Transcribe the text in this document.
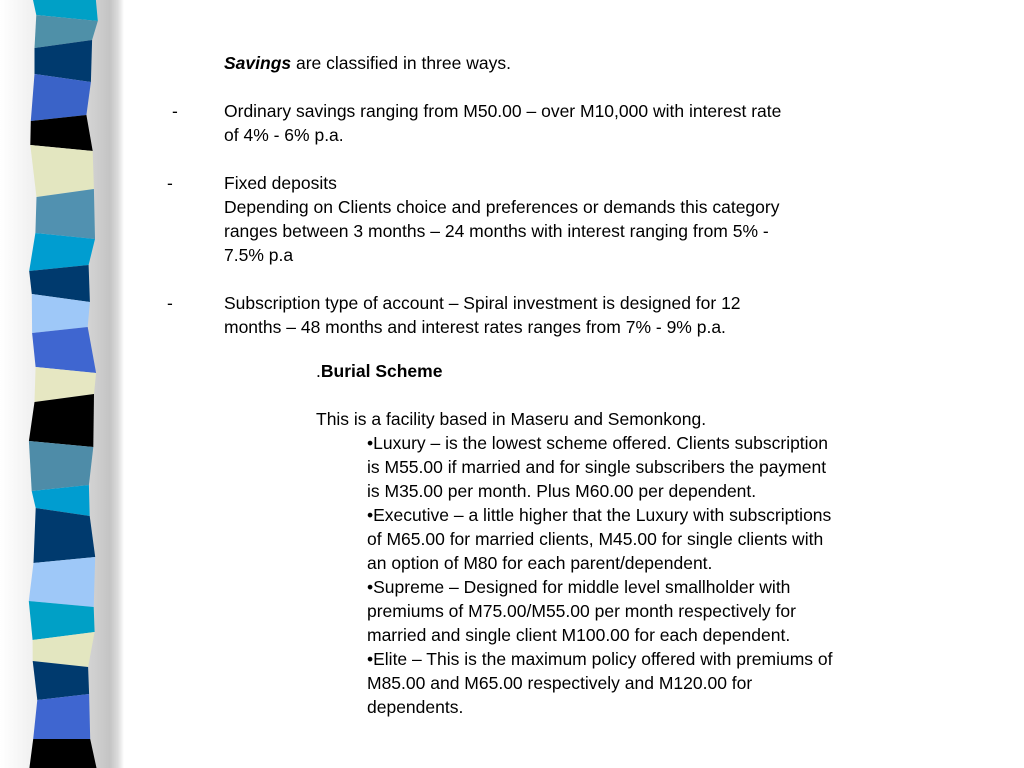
Savings are classified in three ways.
-	Ordinary savings ranging from M50.00 – over M10,000 with interest rate
of 4% - 6% p.a.
-	Fixed deposits
Depending on Clients choice and preferences or demands this category
ranges between 3 months – 24 months with interest ranging from 5% -
7.5% p.a
-	Subscription type of account – Spiral investment is designed for 12
months – 48 months and interest rates ranges from 7% - 9% p.a.
.Burial Scheme
This is a facility based in Maseru and Semonkong.
•Luxury – is the lowest scheme offered. Clients subscription
is M55.00 if married and for single subscribers the payment
is M35.00 per month. Plus M60.00 per dependent.
•Executive – a little higher that the Luxury with subscriptions
of M65.00 for married clients, M45.00 for single clients with
an option of M80 for each parent/dependent.
•Supreme – Designed for middle level smallholder with
premiums of M75.00/M55.00 per month respectively for
married and single client M100.00 for each dependent.
•Elite – This is the maximum policy offered with premiums of
M85.00 and M65.00 respectively and M120.00 for
dependents.
